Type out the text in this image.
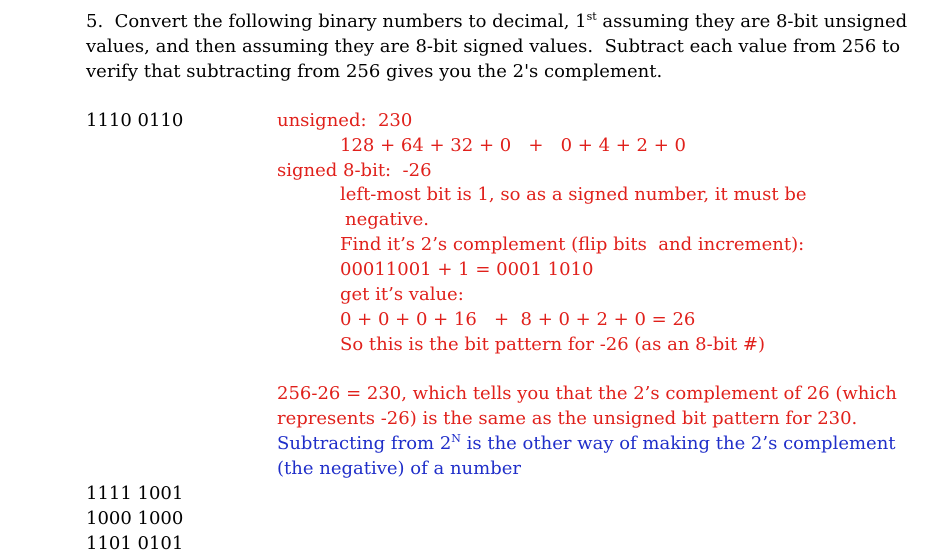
5.  Convert the following binary numbers to decimal, 1st assuming they are 8-bit unsigned
values, and then assuming they are 8-bit signed values.  Subtract each value from 256 to
verify that subtracting from 256 gives you the 2's complement.
1110 0110
1111 1001
1000 1000
1101 0101
unsigned:  230
128 + 64 + 32 + 0   +   0 + 4 + 2 + 0
signed 8-bit:  -26
left-most bit is 1, so as a signed number, it must be
negative.
Find it’s 2’s complement (flip bits  and increment):
00011001 + 1 = 0001 1010
get it’s value:
0 + 0 + 0 + 16   +  8 + 0 + 2 + 0 = 26
So this is the bit pattern for -26 (as an 8-bit #)
256-26 = 230, which tells you that the 2’s complement of 26 (which
represents -26) is the same as the unsigned bit pattern for 230.
Subtracting from $2^N$ is the other way of making the 2’s complement
(the negative) of a number
